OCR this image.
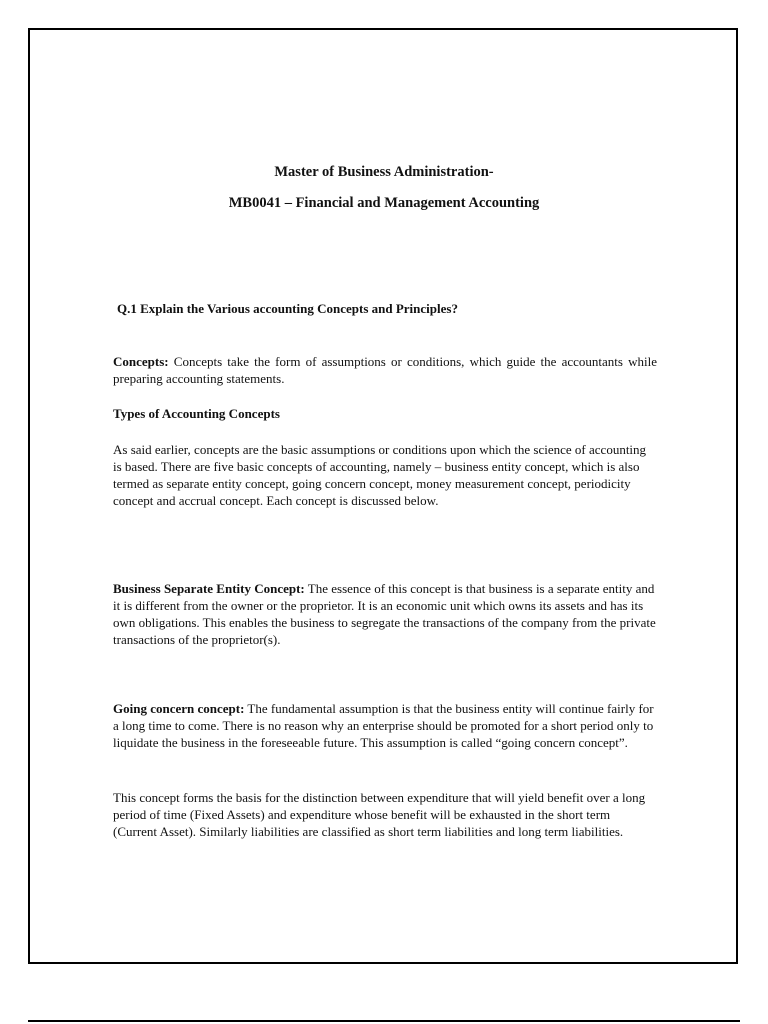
Master of Business Administration-

MB0041 – Financial and Management Accounting

Q.1 Explain the Various accounting Concepts and Principles?

Concepts: Concepts take the form of assumptions or conditions, which guide the accountants while preparing accounting statements.

Types of Accounting Concepts

As said earlier, concepts are the basic assumptions or conditions upon which the science of accounting is based. There are five basic concepts of accounting, namely – business entity concept, which is also termed as separate entity concept, going concern concept, money measurement concept, periodicity concept and accrual concept. Each concept is discussed below.

Business Separate Entity Concept: The essence of this concept is that business is a separate entity and it is different from the owner or the proprietor. It is an economic unit which owns its assets and has its own obligations. This enables the business to segregate the transactions of the company from the private transactions of the proprietor(s).

Going concern concept: The fundamental assumption is that the business entity will continue fairly for a long time to come. There is no reason why an enterprise should be promoted for a short period only to liquidate the business in the foreseeable future. This assumption is called “going concern concept”.

This concept forms the basis for the distinction between expenditure that will yield benefit over a long period of time (Fixed Assets) and expenditure whose benefit will be exhausted in the short term (Current Asset). Similarly liabilities are classified as short term liabilities and long term liabilities.
